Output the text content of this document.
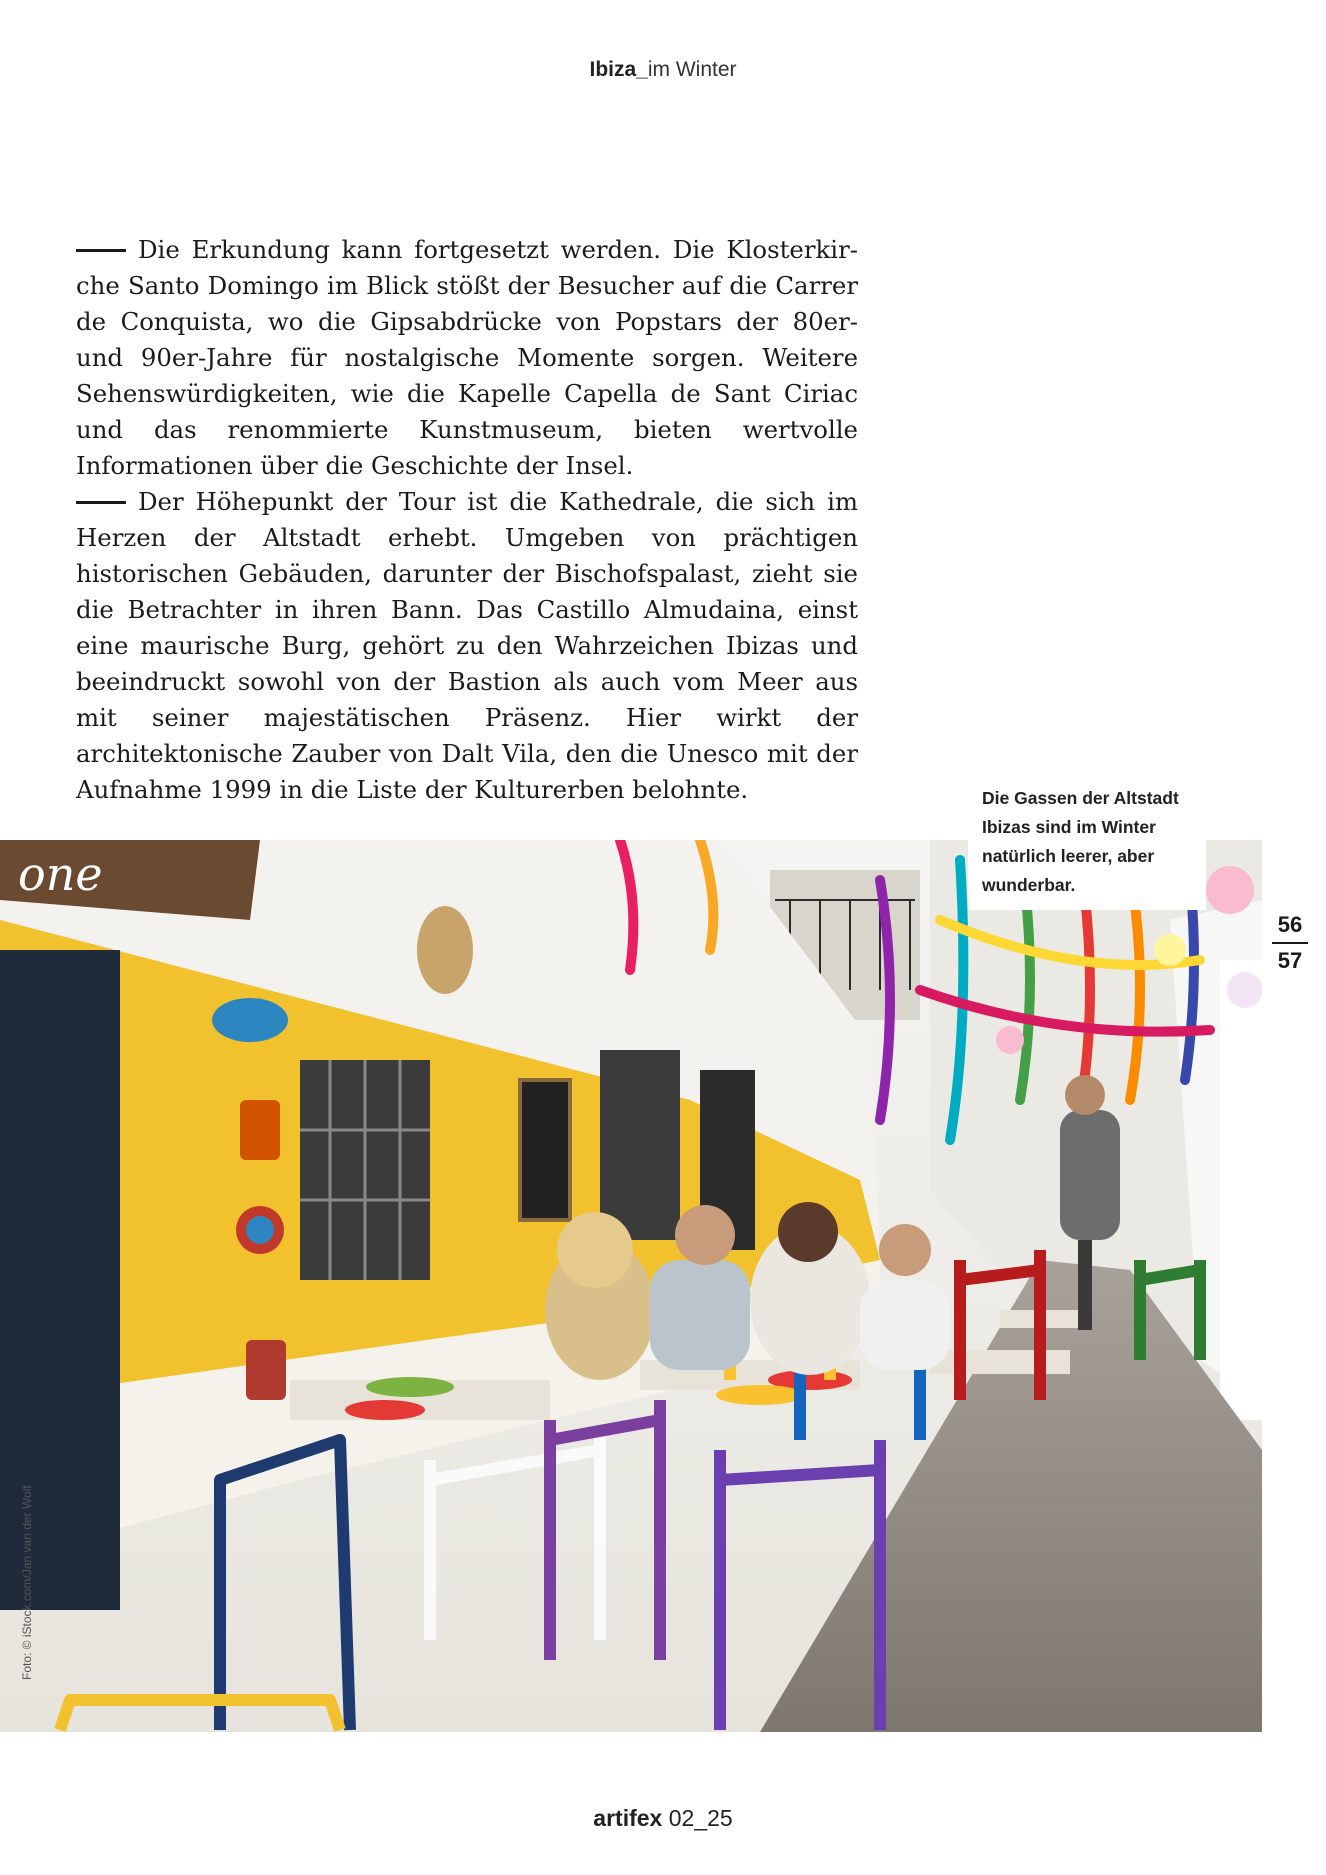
Ibiza_im Winter

Die Erkundung kann fortgesetzt werden. Die Klosterkirche Santo Domingo im Blick stößt der Besucher auf die Carrer de Conquista, wo die Gipsabdrücke von Popstars der 80er- und 90er-Jahre für nostalgische Momente sorgen. Weitere Sehenswürdigkeiten, wie die Kapelle Capella de Sant Ciriac und das renommierte Kunstmuseum, bieten wertvolle Informationen über die Geschichte der Insel.

Der Höhepunkt der Tour ist die Kathedrale, die sich im Herzen der Altstadt erhebt. Umgeben von prächtigen historischen Gebäuden, darunter der Bischofspalast, zieht sie die Betrachter in ihren Bann. Das Castillo Almudaina, einst eine maurische Burg, gehört zu den Wahrzeichen Ibizas und beeindruckt sowohl von der Bastion als auch vom Meer aus mit seiner majestätischen Präsenz. Hier wirkt der architektonische Zauber von Dalt Vila, den die Unesco mit der Aufnahme 1999 in die Liste der Kulturerben belohnte.	Die Gassen der Altstadt Ibizas sind im Winter natürlich leerer, aber wunderbar.
one
Foto: © iStock.com/Jan van der Wolf
56
57
artifex 02_25
